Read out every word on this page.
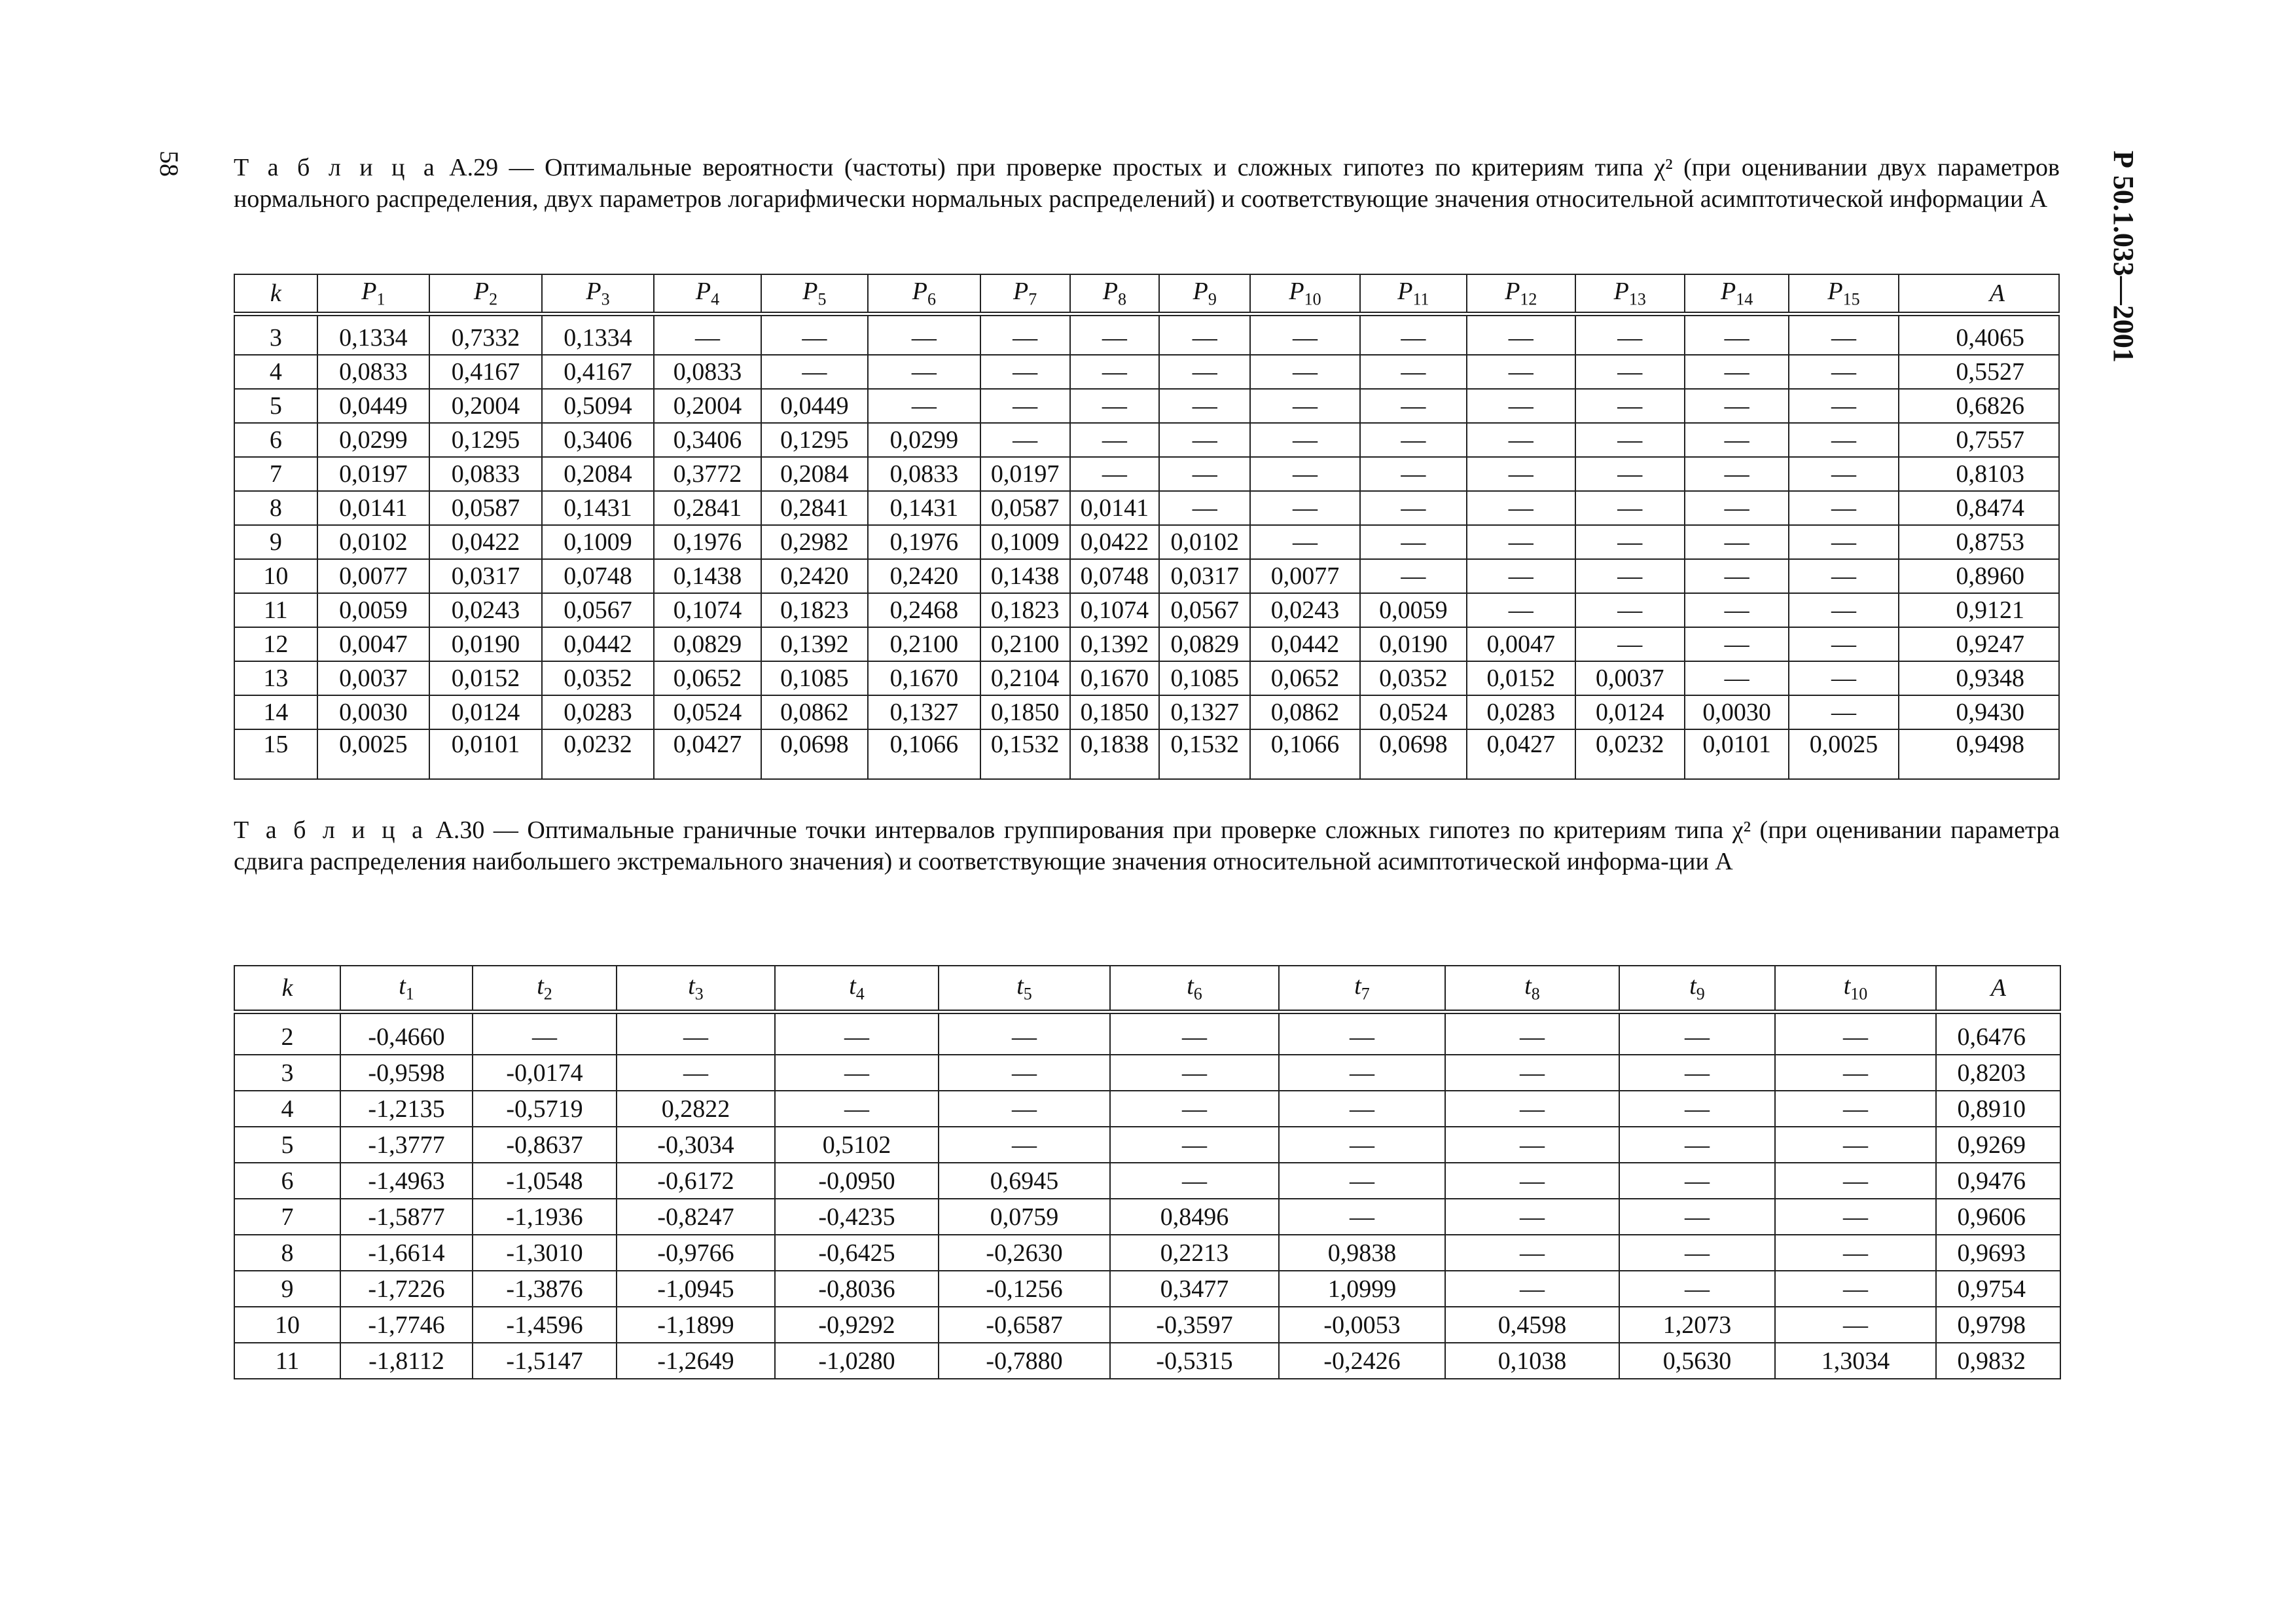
58	Р 50.1.033—2001
Т а б л и ц а А.29 — Оптимальные вероятности (частоты) при проверке простых и сложных гипотез по критериям типа χ² (при оценивании двух параметров нормального распределения, двух параметров логарифмически нормальных распределений) и соответствующие значения относительной асимптотической информации А
k	$P_1$	$P_2$	$P_3$	$P_4$	$P_5$	$P_6$	$P_7$	$P_8$	$P_9$	$P_{10}$	$P_{11}$	$P_{12}$	$P_{13}$	$P_{14}$	$P_{15}$	A
3	0,1334	0,7332	0,1334	—	—	—	—	—	—	—	—	—	—	—	—	0,4065
4	0,0833	0,4167	0,4167	0,0833	—	—	—	—	—	—	—	—	—	—	—	0,5527
5	0,0449	0,2004	0,5094	0,2004	0,0449	—	—	—	—	—	—	—	—	—	—	0,6826
6	0,0299	0,1295	0,3406	0,3406	0,1295	0,0299	—	—	—	—	—	—	—	—	—	0,7557
7	0,0197	0,0833	0,2084	0,3772	0,2084	0,0833	0,0197	—	—	—	—	—	—	—	—	0,8103
8	0,0141	0,0587	0,1431	0,2841	0,2841	0,1431	0,0587	0,0141	—	—	—	—	—	—	—	0,8474
9	0,0102	0,0422	0,1009	0,1976	0,2982	0,1976	0,1009	0,0422	0,0102	—	—	—	—	—	—	0,8753
10	0,0077	0,0317	0,0748	0,1438	0,2420	0,2420	0,1438	0,0748	0,0317	0,0077	—	—	—	—	—	0,8960
11	0,0059	0,0243	0,0567	0,1074	0,1823	0,2468	0,1823	0,1074	0,0567	0,0243	0,0059	—	—	—	—	0,9121
12	0,0047	0,0190	0,0442	0,0829	0,1392	0,2100	0,2100	0,1392	0,0829	0,0442	0,0190	0,0047	—	—	—	0,9247
13	0,0037	0,0152	0,0352	0,0652	0,1085	0,1670	0,2104	0,1670	0,1085	0,0652	0,0352	0,0152	0,0037	—	—	0,9348
14	0,0030	0,0124	0,0283	0,0524	0,0862	0,1327	0,1850	0,1850	0,1327	0,0862	0,0524	0,0283	0,0124	0,0030	—	0,9430
15	0,0025	0,0101	0,0232	0,0427	0,0698	0,1066	0,1532	0,1838	0,1532	0,1066	0,0698	0,0427	0,0232	0,0101	0,0025	0,9498
Т а б л и ц а А.30 — Оптимальные граничные точки интервалов группирования при проверке сложных гипотез по критериям типа χ² (при оценивании параметра сдвига распределения наибольшего экстремального значения) и соответствующие значения относительной асимптотической информа-ции А
k	$t_1$	$t_2$	$t_3$	$t_4$	$t_5$	$t_6$	$t_7$	$t_8$	$t_9$	$t_{10}$	A
2	-0,4660	—	—	—	—	—	—	—	—	—	0,6476
3	-0,9598	-0,0174	—	—	—	—	—	—	—	—	0,8203
4	-1,2135	-0,5719	0,2822	—	—	—	—	—	—	—	0,8910
5	-1,3777	-0,8637	-0,3034	0,5102	—	—	—	—	—	—	0,9269
6	-1,4963	-1,0548	-0,6172	-0,0950	0,6945	—	—	—	—	—	0,9476
7	-1,5877	-1,1936	-0,8247	-0,4235	0,0759	0,8496	—	—	—	—	0,9606
8	-1,6614	-1,3010	-0,9766	-0,6425	-0,2630	0,2213	0,9838	—	—	—	0,9693
9	-1,7226	-1,3876	-1,0945	-0,8036	-0,1256	0,3477	1,0999	—	—	—	0,9754
10	-1,7746	-1,4596	-1,1899	-0,9292	-0,6587	-0,3597	-0,0053	0,4598	1,2073	—	0,9798
11	-1,8112	-1,5147	-1,2649	-1,0280	-0,7880	-0,5315	-0,2426	0,1038	0,5630	1,3034	0,9832
